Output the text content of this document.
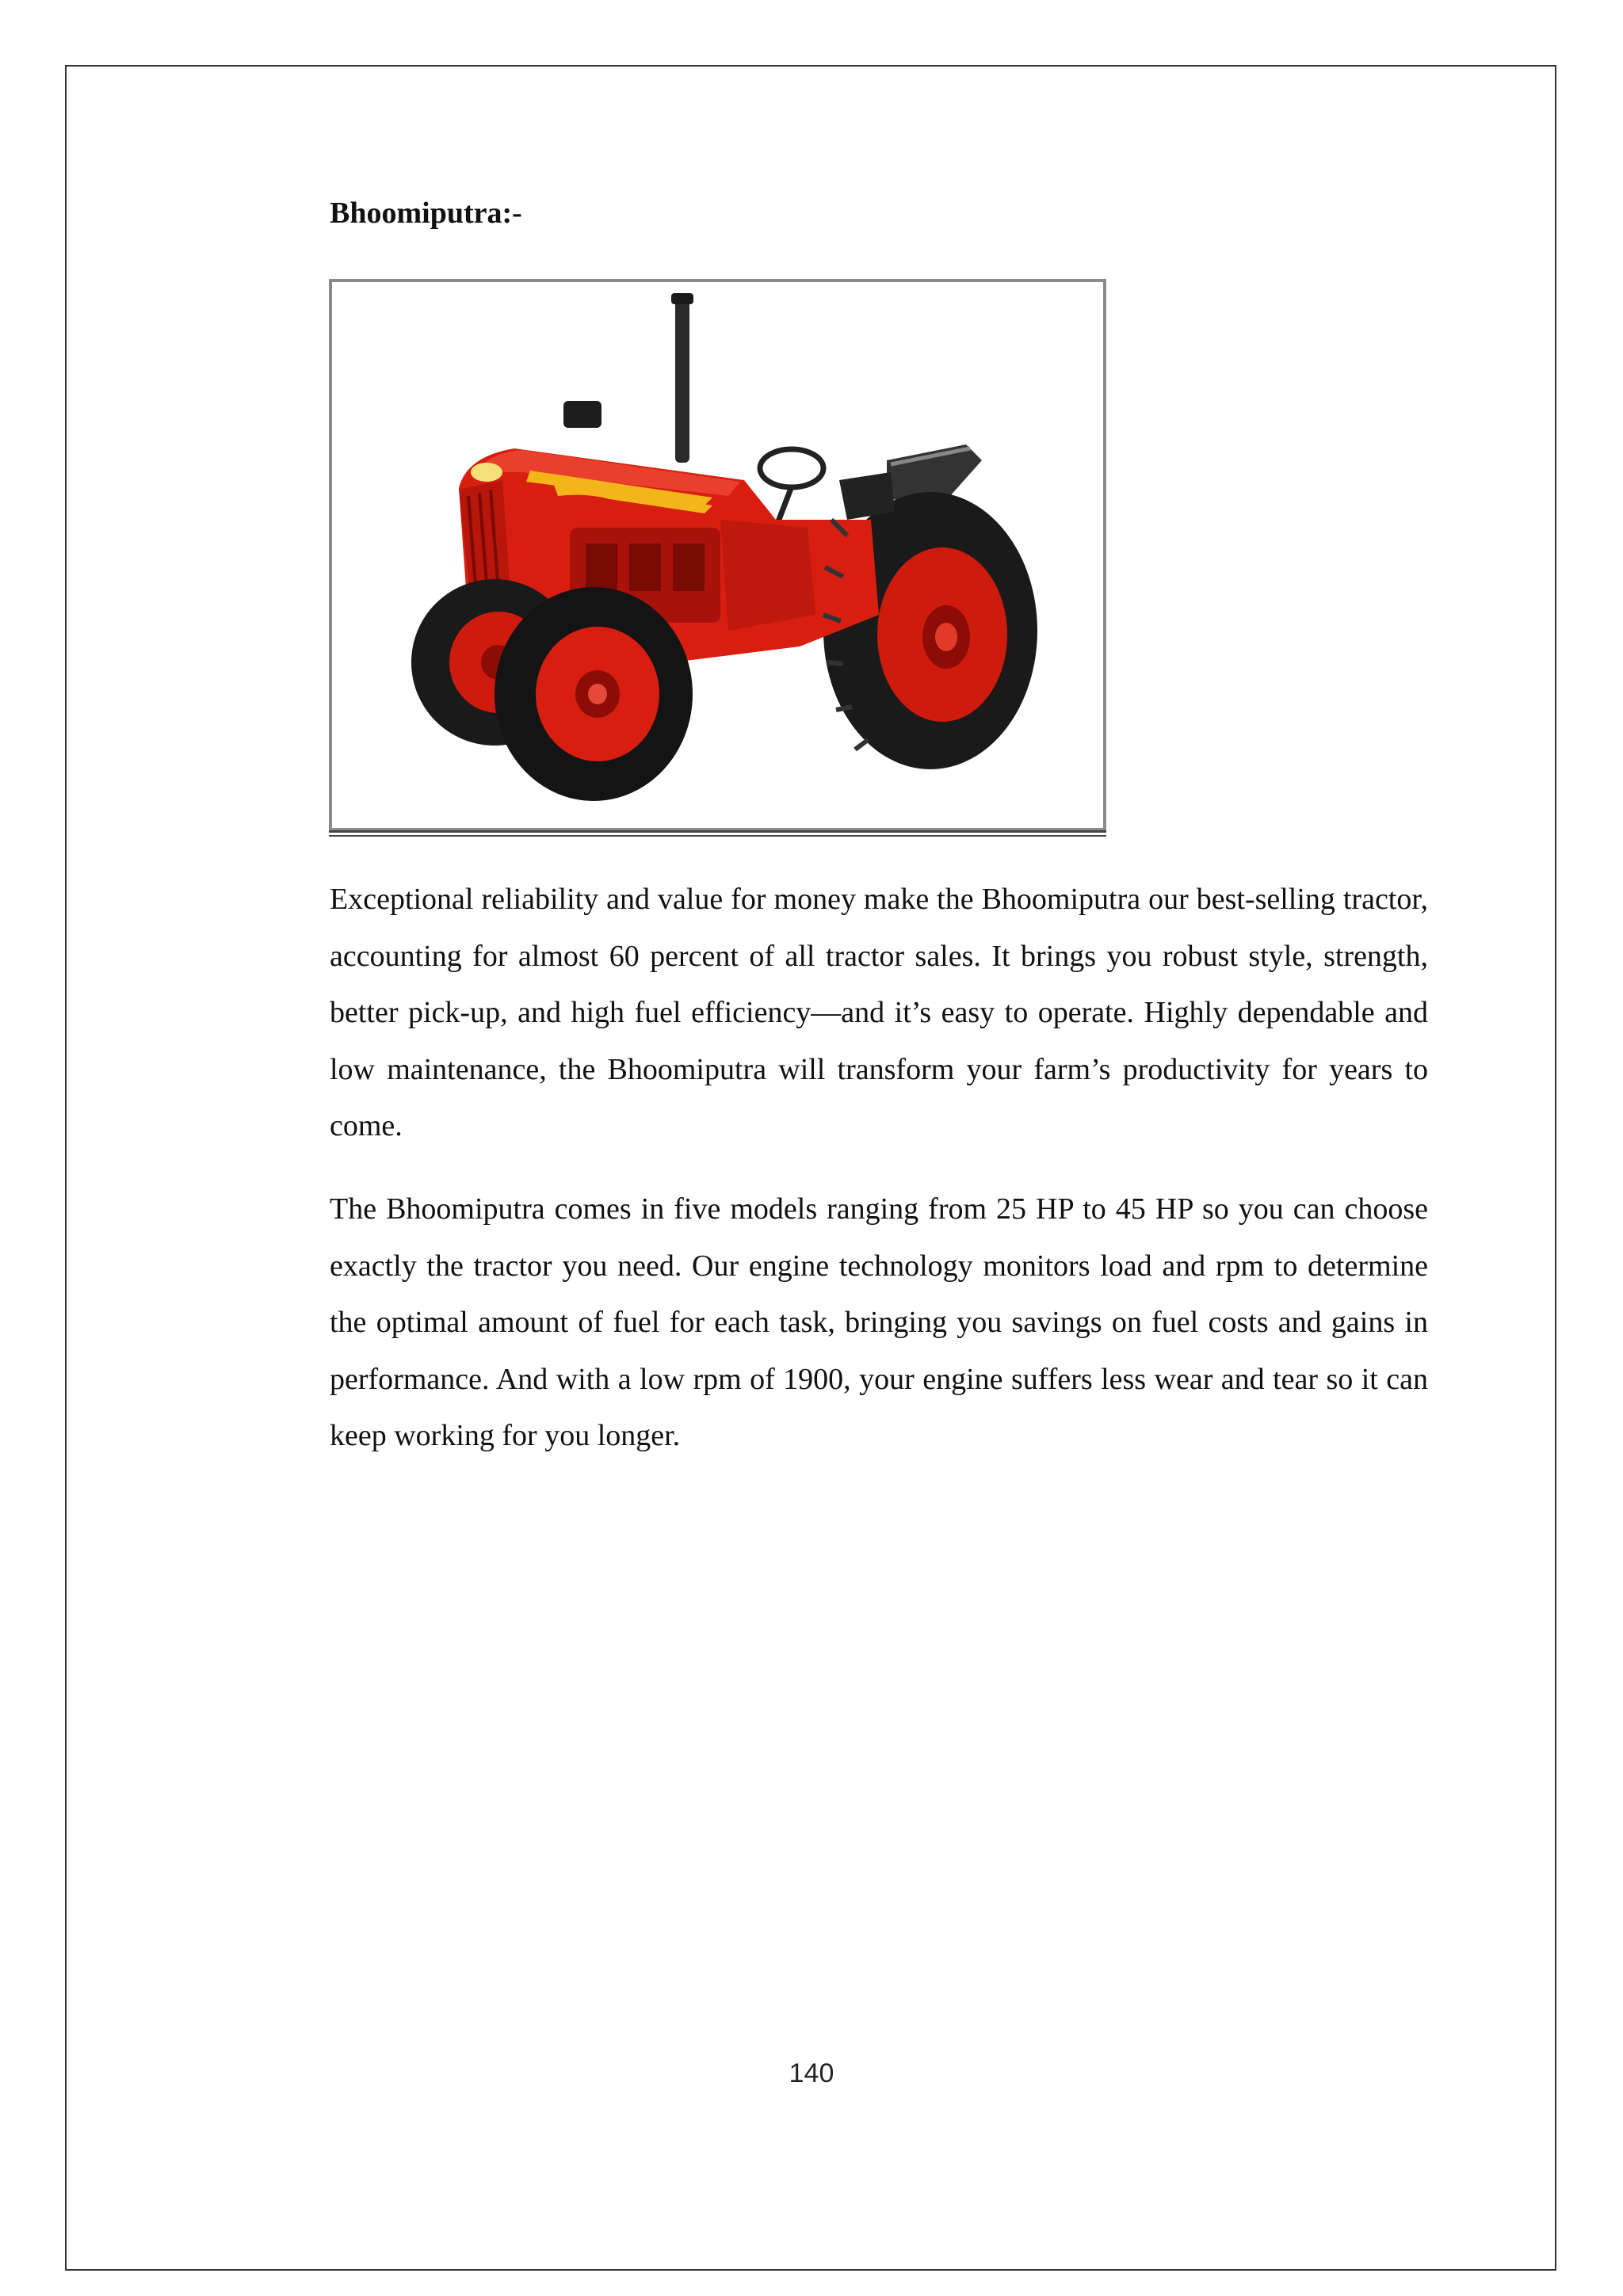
Bhoomiputra:-

Exceptional reliability and value for money make the Bhoomiputra our best-selling tractor, accounting for almost 60 percent of all tractor sales. It brings you robust style, strength, better pick-up, and high fuel efficiency—and it’s easy to operate. Highly dependable and low maintenance, the Bhoomiputra will transform your farm’s productivity for years to come.

The Bhoomiputra comes in five models ranging from 25 HP to 45 HP so you can choose exactly the tractor you need. Our engine technology monitors load and rpm to determine the optimal amount of fuel for each task, bringing you savings on fuel costs and gains in performance. And with a low rpm of 1900, your engine suffers less wear and tear so it can keep working for you longer.

140
